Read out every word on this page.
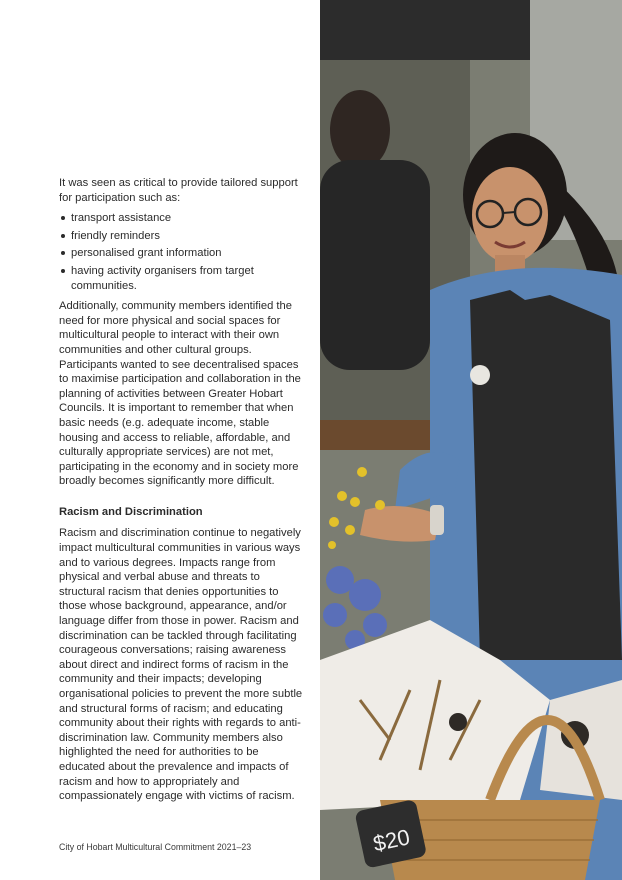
It was seen as critical to provide tailored support for participation such as:

transport assistance
friendly reminders
personalised grant information
having activity organisers from target communities.

Additionally, community members identified the need for more physical and social spaces for multicultural people to interact with their own communities and other cultural groups. Participants wanted to see decentralised spaces to maximise participation and collaboration in the planning of activities between Greater Hobart Councils. It is important to remember that when basic needs (e.g. adequate income, stable housing and access to reliable, affordable, and culturally appropriate services) are not met, participating in the economy and in society more broadly becomes significantly more difficult.

Racism and Discrimination

Racism and discrimination continue to negatively impact multicultural communities in various ways and to various degrees. Impacts range from physical and verbal abuse and threats to structural racism that denies opportunities to those whose background, appearance, and/or language differ from those in power. Racism and discrimination can be tackled through facilitating courageous conversations; raising awareness about direct and indirect forms of racism in the community and their impacts; developing organisational policies to prevent the more subtle and structural forms of racism; and educating community about their rights with regards to anti-discrimination law. Community members also highlighted the need for authorities to be educated about the prevalence and impacts of racism and how to appropriately and compassionately engage with victims of racism.

City of Hobart Multicultural Commitment 2021–23	$20
